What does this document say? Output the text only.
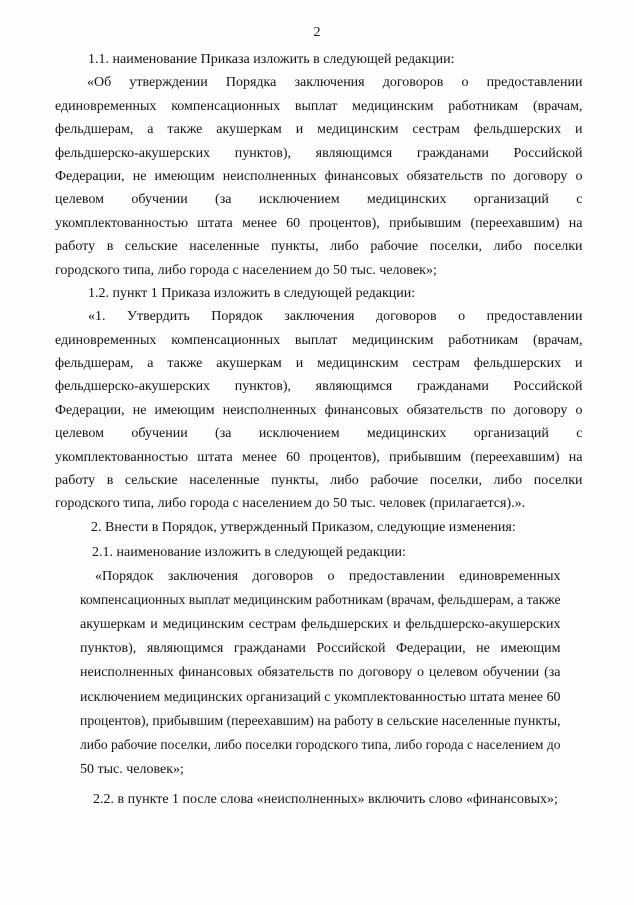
2
1.1. наименование Приказа изложить в следующей редакции:
«Об утверждении Порядка заключения договоров о предоставлении
единовременных компенсационных выплат медицинским работникам (врачам,
фельдшерам, а также акушеркам и медицинским сестрам фельдшерских и
фельдшерско-акушерских пунктов), являющимся гражданами Российской
Федерации, не имеющим неисполненных финансовых обязательств по договору о
целевом обучении (за исключением медицинских организаций с
укомплектованностью штата менее 60 процентов), прибывшим (переехавшим) на
работу в сельские населенные пункты, либо рабочие поселки, либо поселки
городского типа, либо города с населением до 50 тыс. человек»;
1.2. пункт 1 Приказа изложить в следующей редакции:
«1. Утвердить Порядок заключения договоров о предоставлении
единовременных компенсационных выплат медицинским работникам (врачам,
фельдшерам, а также акушеркам и медицинским сестрам фельдшерских и
фельдшерско-акушерских пунктов), являющимся гражданами Российской
Федерации, не имеющим неисполненных финансовых обязательств по договору о
целевом обучении (за исключением медицинских организаций с
укомплектованностью штата менее 60 процентов), прибывшим (переехавшим) на
работу в сельские населенные пункты, либо рабочие поселки, либо поселки
городского типа, либо города с населением до 50 тыс. человек (прилагается).».
2. Внести в Порядок, утвержденный Приказом, следующие изменения:
2.1. наименование изложить в следующей редакции:
«Порядок заключения договоров о предоставлении единовременных
компенсационных выплат медицинским работникам (врачам, фельдшерам, а также
акушеркам и медицинским сестрам фельдшерских и фельдшерско-акушерских
пунктов), являющимся гражданами Российской Федерации, не имеющим
неисполненных финансовых обязательств по договору о целевом обучении (за
исключением медицинских организаций с укомплектованностью штата менее 60
процентов), прибывшим (переехавшим) на работу в сельские населенные пункты,
либо рабочие поселки, либо поселки городского типа, либо города с населением до
50 тыс. человек»;
2.2. в пункте 1 после слова «неисполненных» включить слово «финансовых»;
